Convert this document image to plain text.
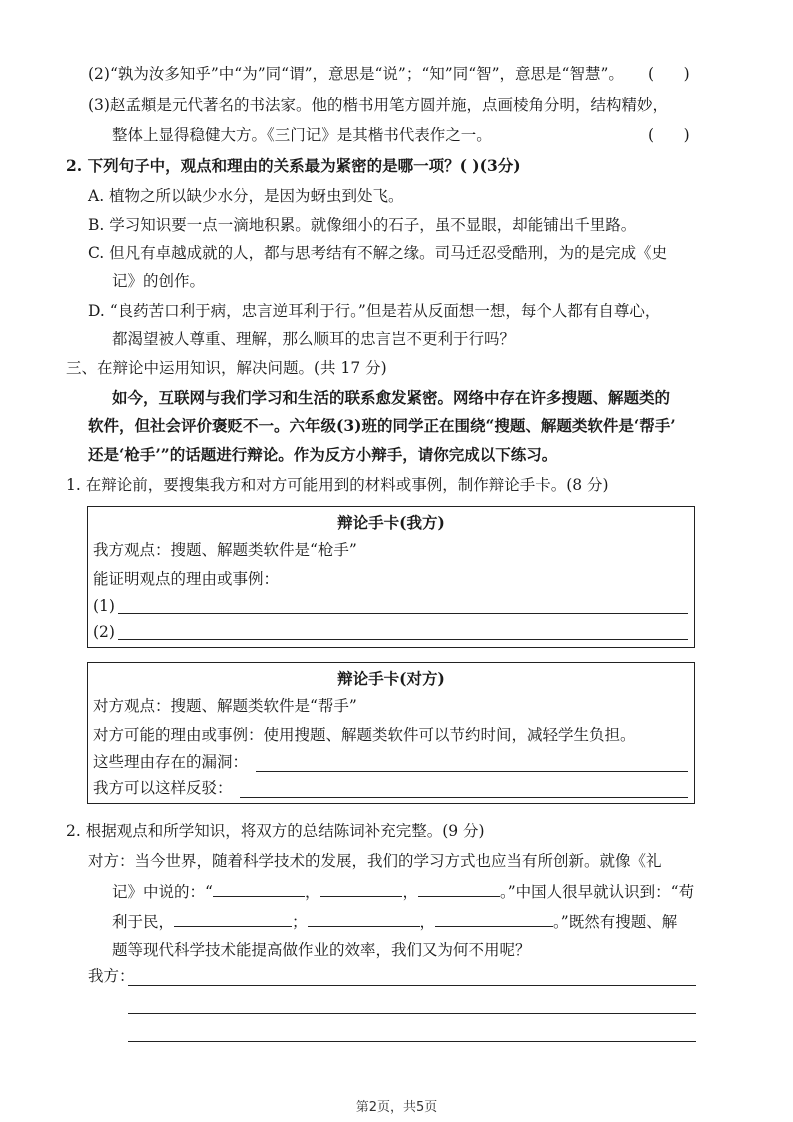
(2)“孰为汝多知乎”中“为”同“谓”，意思是“说”；“知”同“智”，意思是“智慧”。 (      )
(3)赵孟頫是元代著名的书法家。他的楷书用笔方圆并施，点画棱角分明，结构精妙，
整体上显得稳健大方。《三门记》是其楷书代表作之一。	(      )
2. 下列句子中，观点和理由的关系最为紧密的是哪一项？( )(3分)
A. 植物之所以缺少水分，是因为蚜虫到处飞。
B. 学习知识要一点一滴地积累。就像细小的石子，虽不显眼，却能铺出千里路。
C. 但凡有卓越成就的人，都与思考结有不解之缘。司马迁忍受酷刑，为的是完成《史
记》的创作。
D. “良药苦口利于病，忠言逆耳利于行。”但是若从反面想一想，每个人都有自尊心，
都渴望被人尊重、理解，那么顺耳的忠言岂不更利于行吗？
三、在辩论中运用知识，解决问题。(共 17 分)
如今，互联网与我们学习和生活的联系愈发紧密。网络中存在许多搜题、解题类的
软件，但社会评价褒贬不一。六年级(3)班的同学正在围绕“搜题、解题类软件是‘帮手’
还是‘枪手’”的话题进行辩论。作为反方小辩手，请你完成以下练习。
1. 在辩论前，要搜集我方和对方可能用到的材料或事例，制作辩论手卡。(8 分)
辩论手卡(我方)
我方观点：搜题、解题类软件是“枪手”
能证明观点的理由或事例：
(1)
(2)
辩论手卡(对方)
对方观点：搜题、解题类软件是“帮手”
对方可能的理由或事例：使用搜题、解题类软件可以节约时间，减轻学生负担。
这些理由存在的漏洞：
我方可以这样反驳：
2. 根据观点和所学知识，将双方的总结陈词补充完整。(9 分)
对方：当今世界，随着科学技术的发展，我们的学习方式也应当有所创新。就像《礼
记》中说的：“	，	，	。”中国人很早就认识到：“苟
利于民，	；	，	。”既然有搜题、解
题等现代科学技术能提高做作业的效率，我们又为何不用呢？
我方：
第2页，共5页
